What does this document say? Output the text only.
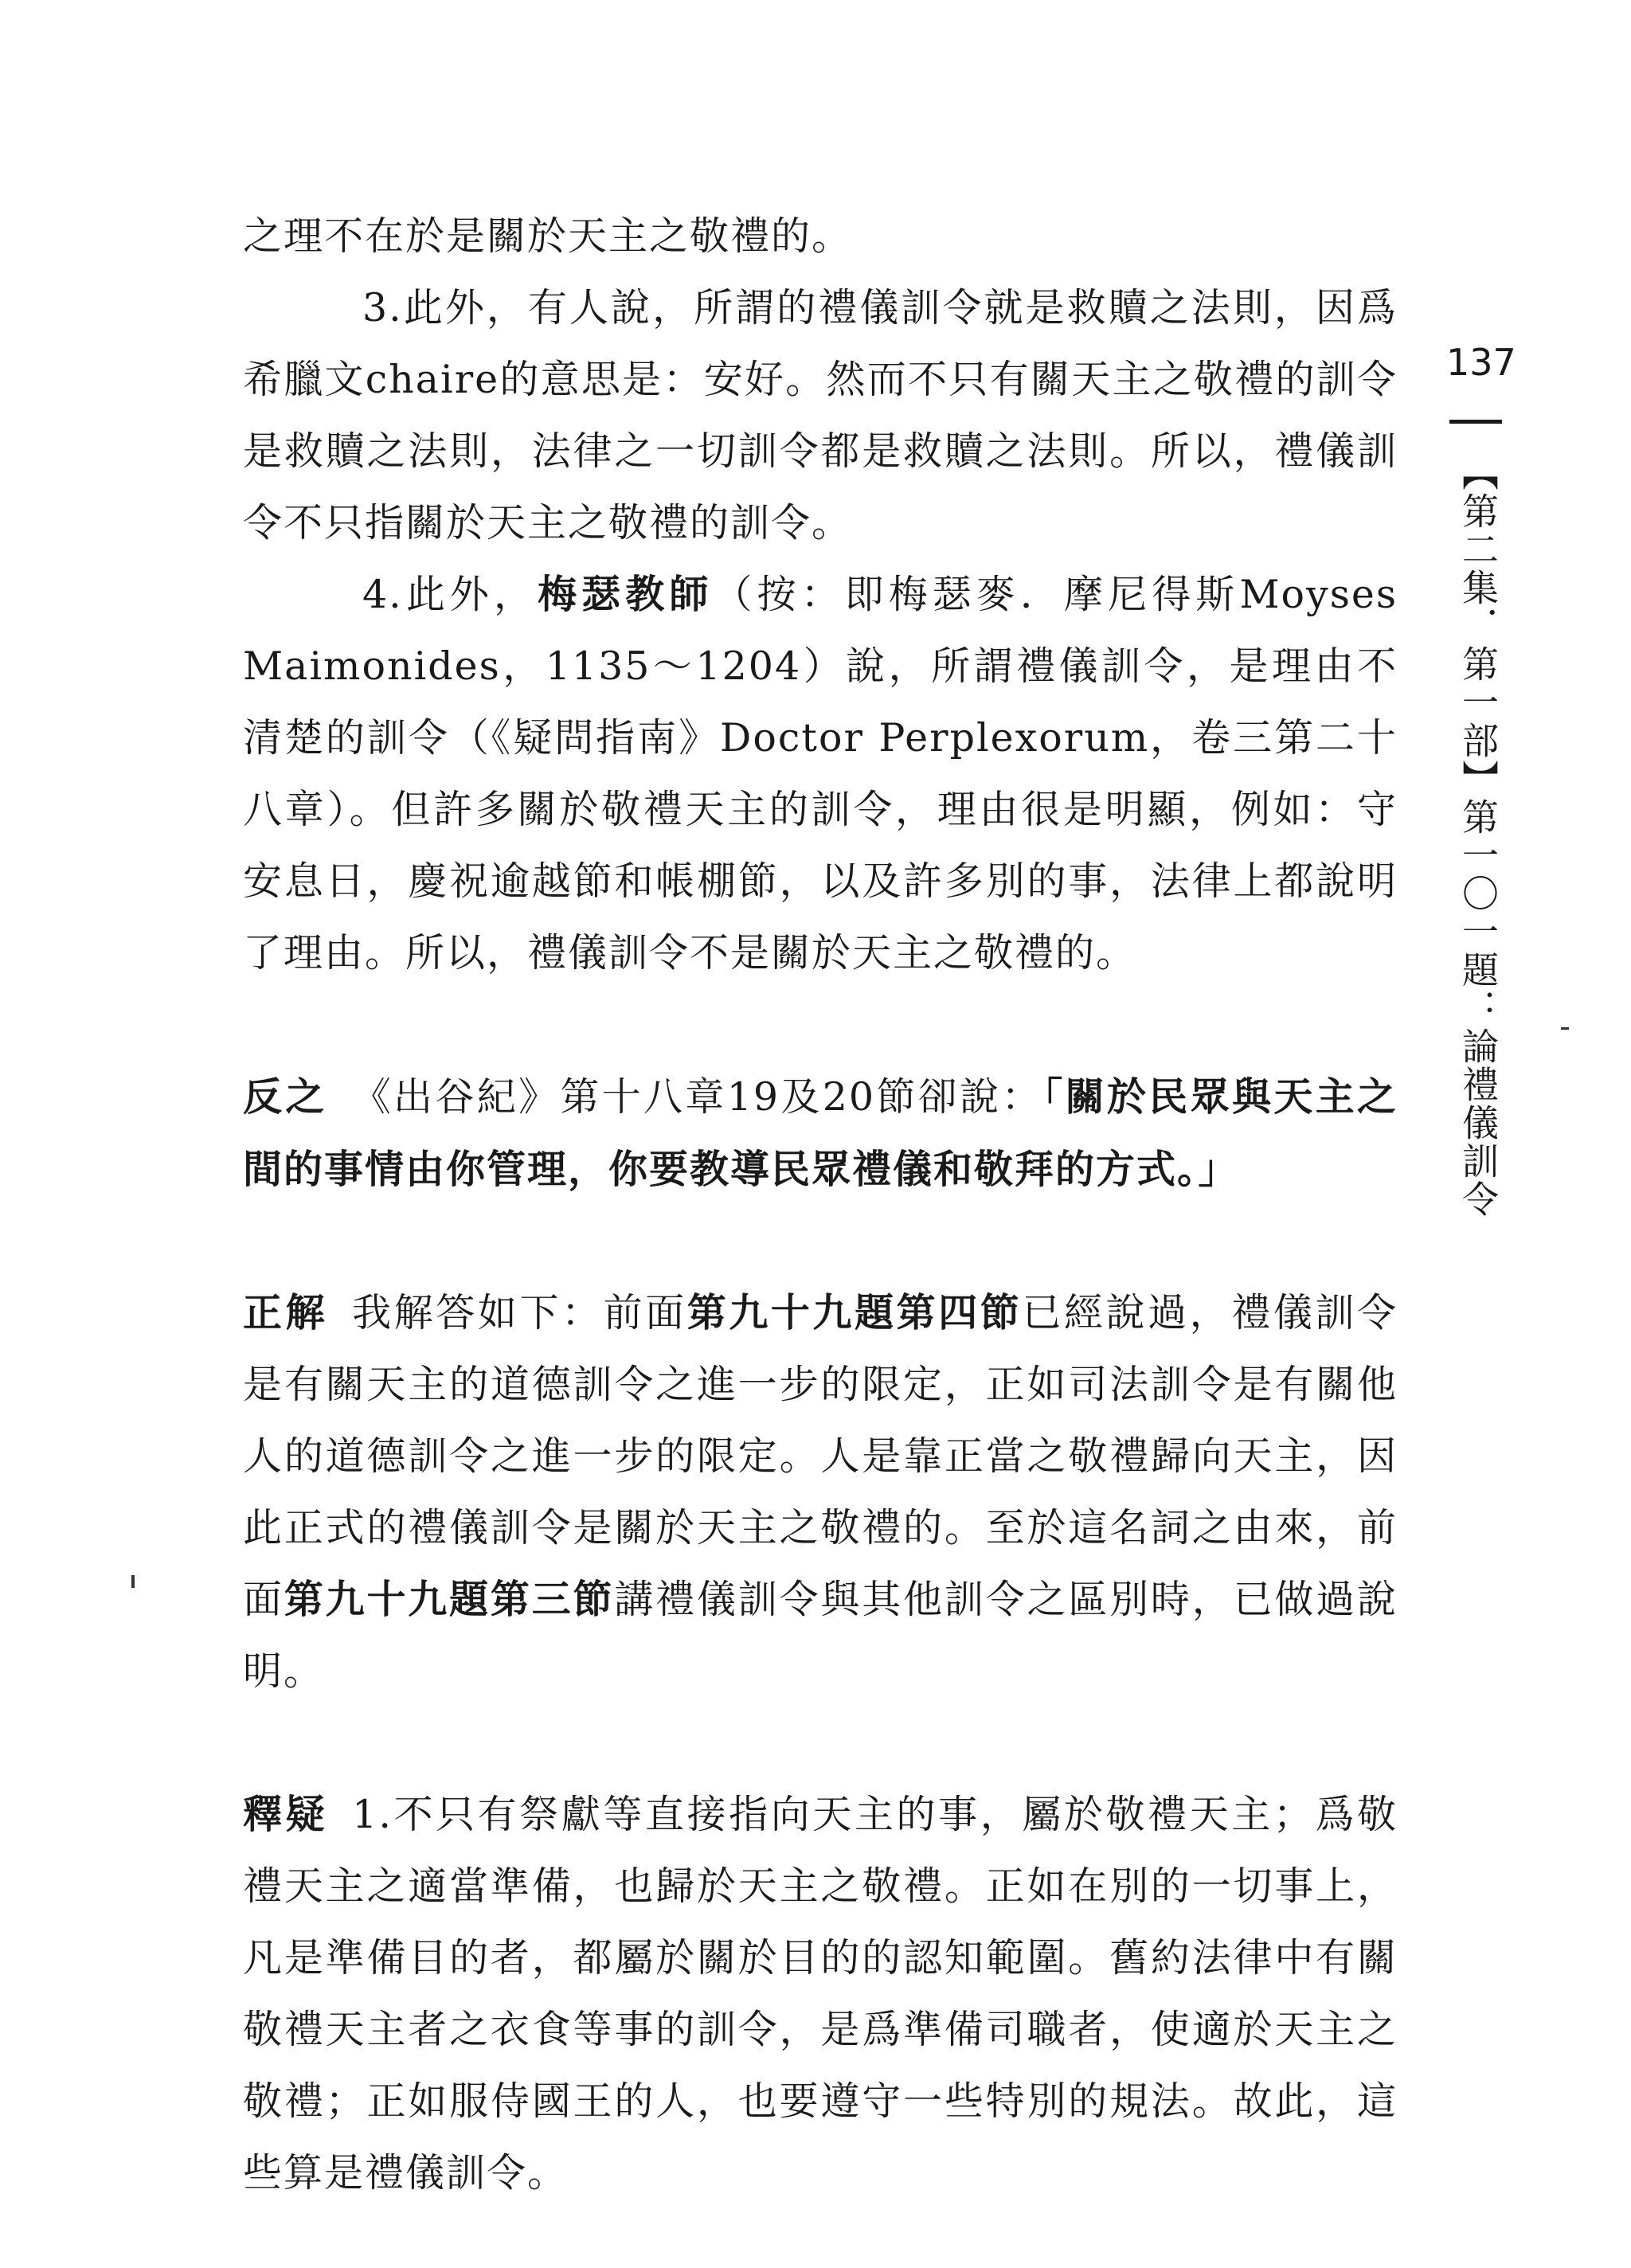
之理不在於是關於天主之敬禮的。

3.此外，有人說，所謂的禮儀訓令就是救贖之法則，因爲希臘文chaire的意思是：安好。然而不只有關天主之敬禮的訓令是救贖之法則，法律之一切訓令都是救贖之法則。所以，禮儀訓令不只指關於天主之敬禮的訓令。

4.此外，梅瑟教師（按：即梅瑟麥．摩尼得斯Moyses Maimonides，1135～1204）說，所謂禮儀訓令，是理由不清楚的訓令（《疑問指南》Doctor Perplexorum，卷三第二十八章）。但許多關於敬禮天主的訓令，理由很是明顯，例如：守安息日，慶祝逾越節和帳棚節，以及許多別的事，法律上都說明了理由。所以，禮儀訓令不是關於天主之敬禮的。

反之 《出谷紀》第十八章19及20節卻說：「關於民眾與天主之間的事情由你管理，你要教導民眾禮儀和敬拜的方式。」

正解 我解答如下：前面第九十九題第四節已經說過，禮儀訓令是有關天主的道德訓令之進一步的限定，正如司法訓令是有關他人的道德訓令之進一步的限定。人是靠正當之敬禮歸向天主，因此正式的禮儀訓令是關於天主之敬禮的。至於這名詞之由來，前面第九十九題第三節講禮儀訓令與其他訓令之區別時，已做過說明。

釋疑 1.不只有祭獻等直接指向天主的事，屬於敬禮天主；爲敬禮天主之適當準備，也歸於天主之敬禮。正如在別的一切事上，凡是準備目的者，都屬於關於目的的認知範圍。舊約法律中有關敬禮天主者之衣食等事的訓令，是爲準備司職者，使適於天主之敬禮；正如服侍國王的人，也要遵守一些特別的規法。故此，這些算是禮儀訓令。

137
【第二集．第一部】第一〇一題：論禮儀訓令
